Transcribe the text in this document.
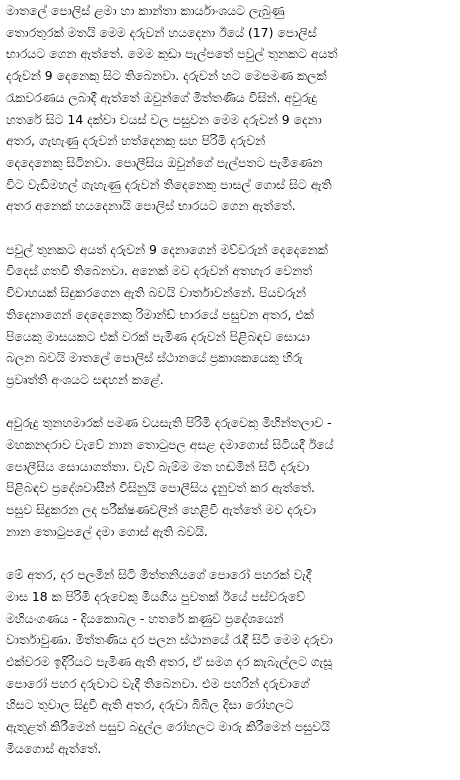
මාතලේ පොලිස් ළමා හා කාන්තා කාර්යාංශයට ලැබුණු
තොරතුරක් මතයි මෙම දරුවන් හයදෙනා ඊයේ (17) පොලිස්
භාරයට ගෙන ඇත්තේ. මෙම කුඩා පැල්පතේ පවුල් තුනකට අයත්
දරුවන් 9 දෙනෙකු සිට තිබෙනවා. දරුවන් හට මෙපමණ කලක්
රැකවරණය ලබාදී ඇත්තේ ඔවුන්ගේ මිත්තණිය විසින්. අවුරුදු
හතරේ සිට 14 දක්වා වයස් වල පසුවන මෙම දරුවන් 9 දෙනා
අතර, ගැහැණු දරුවන් හත්දෙනකු සහ පිරිමි දරුවන්
දෙදෙනෙකු සිටිනවා. පොලීසිය ඔවුන්ගේ පැල්පතට පැමිණෙන
විට වැඩිමහල් ගැහැණු දරුවන් තිදෙනෙකු පාසල් ගොස් සිට ඇති
අතර අනෙක් හයදෙනායි පොලිස් භාරයට ගෙන ඇත්තේ.

පවුල් තුනකට අයත් දරුවන් 9 දෙනාගෙන් මව්වරුන් දෙදෙනෙක්
විදෙස් ගතවී තිබෙනවා. අනෙක් මව දරුවන් අතහැර වෙනත්
විවාහයක් සිදුකරගෙන ඇති බවයි වාර්තාවන්නේ. පියවරුන්
තිදෙනාගෙන් දෙදෙනෙකු රිමාන්ඩ් භාරයේ පසුවන අතර, එක්
පියෙකු මාසයකට එක් වරක් පැමිණ දරුවන් පිළිබඳව සොයා
බලන බවයි මාතලේ පොලිස් ස්ථානයේ ප්‍රකාශකයෙකු හිරු
ප්‍රවෘත්ති අංශයට සඳහන් කළේ.

අවුරුදු තුනහමාරක් පමණ වයසැති පිරිමි දරුවෙකු මිහින්තලාව -
මහකනදරාව වැවේ නාන තොටුපල අසළ දමාගොස් සිටියදී ඊයේ
පොලීසිය සොයාගත්තා. වැව් බැම්ම මත හඬමින් සිටි දරුවා
පිළිබඳව ප්‍රදේශවාසීන් විසිනුයි පොලීසිය දැනුවත් කර ඇත්තේ.
පසුව සිදුකරන ලද පරීක්ෂණවලින් හෙළිවී ඇත්තේ මව දරුවා
නාන තොටුපලේ දමා ගොස් ඇති බවයි.

මේ අතර, දර පලමින් සිටි මිත්තනියගේ පොරෝ පහරක් වැදී
මාස 18 ක පිරිමි දරුවෙකු මියගිය පුවතක් ඊයේ පස්වරුවේ
මහියංගණය - දියකොබල - හතරේ කණුව ප්‍රදේශයෙන්
වාර්තාවුණා. මිත්තණිය දර පලන ස්ථානයේ රැඳී සිටි මෙම දරුවා
එක්වරම ඉදිරියට පැමිණ ඇති අතර, ඒ සමග දර කැබැල්ලට ගැසූ
පොරෝ පහර දරුවාට වැදී තිබෙනවා. එම පහරින් දරුවාගේ
හිසට තුවාල සිදුවී ඇති අතර, දරුවා බිබිල දිසා රෝහලට
ඇතුළත් කිරීමෙන් පසුව බදුල්ල රෝහලට මාරු කිරීමෙන් පසුවයි
මියගොස් ඇත්තේ.
